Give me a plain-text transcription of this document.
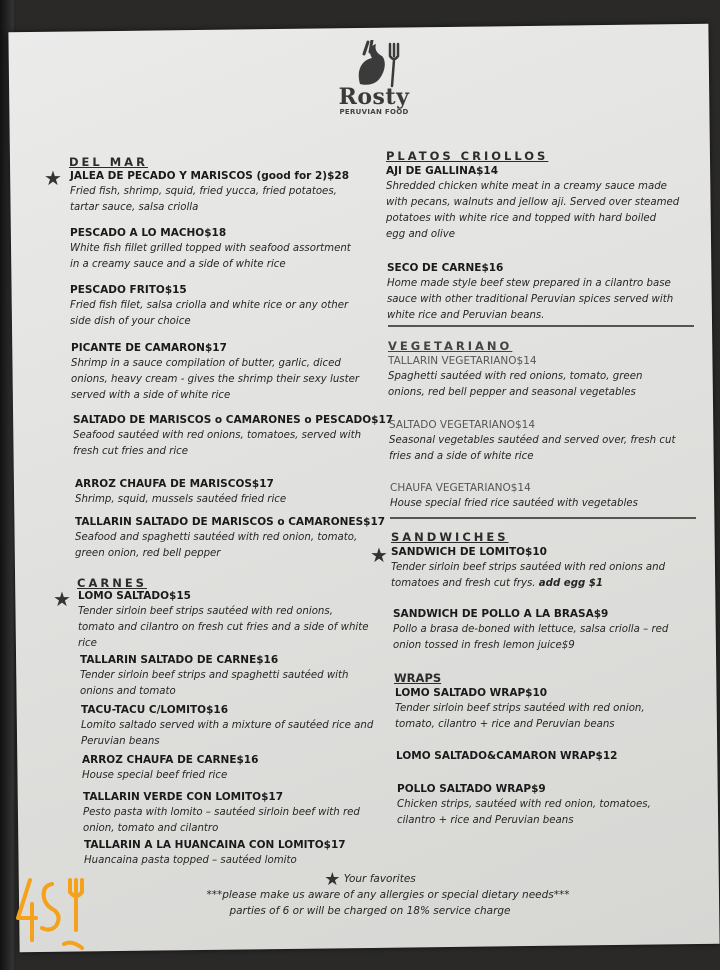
Rosty
PERUVIAN FOOD
DEL MAR
★ JALEA DE PECADO Y MARISCOS (good for 2)$28
Fried fish, shrimp, squid, fried yucca, fried potatoes,
tartar sauce, salsa criolla
PESCADO A LO MACHO$18
White fish fillet grilled topped with seafood assortment
in a creamy sauce and a side of white rice
PESCADO FRITO$15
Fried fish filet, salsa criolla and white rice or any other
side dish of your choice
PICANTE DE CAMARON$17
Shrimp in a sauce compilation of butter, garlic, diced
onions, heavy cream - gives the shrimp their sexy luster
served with a side of white rice
SALTADO DE MARISCOS o CAMARONES o PESCADO$17
Seafood sautéed with red onions, tomatoes, served with
fresh cut fries and rice
ARROZ CHAUFA DE MARISCOS$17
Shrimp, squid, mussels sautéed fried rice
TALLARIN SALTADO DE MARISCOS o CAMARONES$17
Seafood and spaghetti sautéed with red onion, tomato,
green onion, red bell pepper
CARNES
★ LOMO SALTADO$15
Tender sirloin beef strips sautéed with red onions,
tomato and cilantro on fresh cut fries and a side of white
rice
TALLARIN SALTADO DE CARNE$16
Tender sirloin beef strips and spaghetti sautéed with
onions and tomato
TACU-TACU C/LOMITO$16
Lomito saltado served with a mixture of sautéed rice and
Peruvian beans
ARROZ CHAUFA DE CARNE$16
House special beef fried rice
TALLARIN VERDE CON LOMITO$17
Pesto pasta with lomito – sautéed sirloin beef with red
onion, tomato and cilantro
TALLARIN A LA HUANCAINA CON LOMITO$17
Huancaina pasta topped – sautéed lomito
PLATOS CRIOLLOS
AJI DE GALLINA$14
Shredded chicken white meat in a creamy sauce made
with pecans, walnuts and jellow aji. Served over steamed
potatoes with white rice and topped with hard boiled
egg and olive
SECO DE CARNE$16
Home made style beef stew prepared in a cilantro base
sauce with other traditional Peruvian spices served with
white rice and Peruvian beans.
VEGETARIANO
TALLARIN VEGETARIANO$14
Spaghetti sautéed with red onions, tomato, green
onions, red bell pepper and seasonal vegetables
SALTADO VEGETARIANO$14
Seasonal vegetables sautéed and served over, fresh cut
fries and a side of white rice
CHAUFA VEGETARIANO$14
House special fried rice sautéed with vegetables
SANDWICHES
★ SANDWICH DE LOMITO$10
Tender sirloin beef strips sautéed with red onions and
tomatoes and fresh cut frys. add egg $1
SANDWICH DE POLLO A LA BRASA$9
Pollo a brasa de-boned with lettuce, salsa criolla – red
onion tossed in fresh lemon juice$9
WRAPS
LOMO SALTADO WRAP$10
Tender sirloin beef strips sautéed with red onion,
tomato, cilantro + rice and Peruvian beans
LOMO SALTADO&CAMARON WRAP$12
POLLO SALTADO WRAP$9
Chicken strips, sautéed with red onion, tomatoes,
cilantro + rice and Peruvian beans
★ Your favorites
***please make us aware of any allergies or special dietary needs***
parties of 6 or will be charged on 18% service charge
